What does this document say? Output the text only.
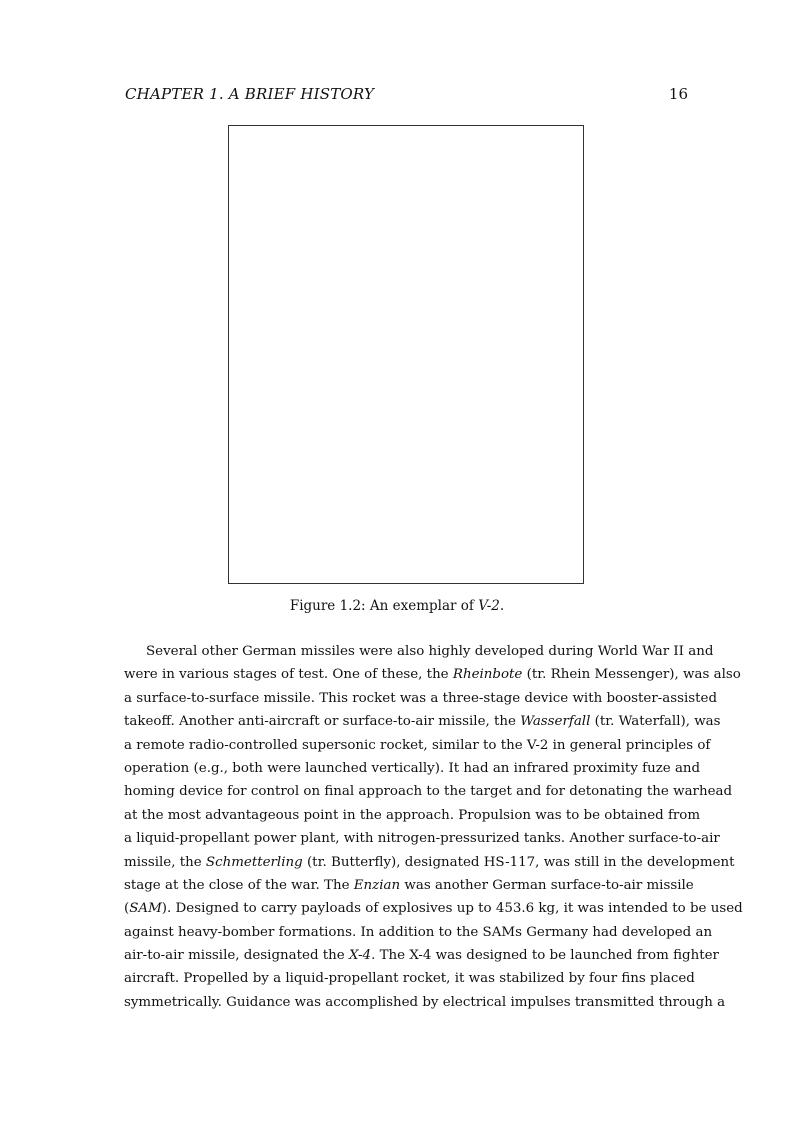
CHAPTER 1. A BRIEF HISTORY	16
Figure 1.2: An exemplar of V-2.
Several other German missiles were also highly developed during World War II and
were in various stages of test. One of these, the Rheinbote (tr. Rhein Messenger), was also
a surface-to-surface missile. This rocket was a three-stage device with booster-assisted
takeoff. Another anti-aircraft or surface-to-air missile, the Wasserfall (tr. Waterfall), was
a remote radio-controlled supersonic rocket, similar to the V-2 in general principles of
operation (e.g., both were launched vertically). It had an infrared proximity fuze and
homing device for control on final approach to the target and for detonating the warhead
at the most advantageous point in the approach. Propulsion was to be obtained from
a liquid-propellant power plant, with nitrogen-pressurized tanks. Another surface-to-air
missile, the Schmetterling (tr. Butterfly), designated HS-117, was still in the development
stage at the close of the war. The Enzian was another German surface-to-air missile
(SAM). Designed to carry payloads of explosives up to 453.6 kg, it was intended to be used
against heavy-bomber formations. In addition to the SAMs Germany had developed an
air-to-air missile, designated the X-4. The X-4 was designed to be launched from fighter
aircraft. Propelled by a liquid-propellant rocket, it was stabilized by four fins placed
symmetrically. Guidance was accomplished by electrical impulses transmitted through a
